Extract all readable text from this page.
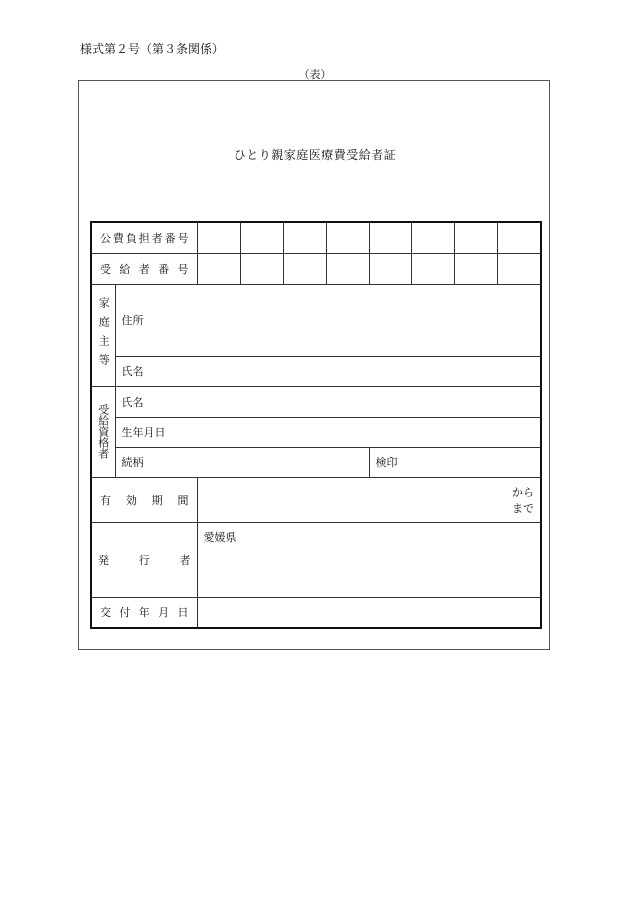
様式第２号（第３条関係）
（表）
ひとり親家庭医療費受給者証
公費負担者番号									
受給者番号									
家庭主等	住所								
	氏名								
受給資格者	氏名								
	生年月日								
	続柄					検印			
有効期間		から
まで							

発行者		愛媛県							
交付年月日									
